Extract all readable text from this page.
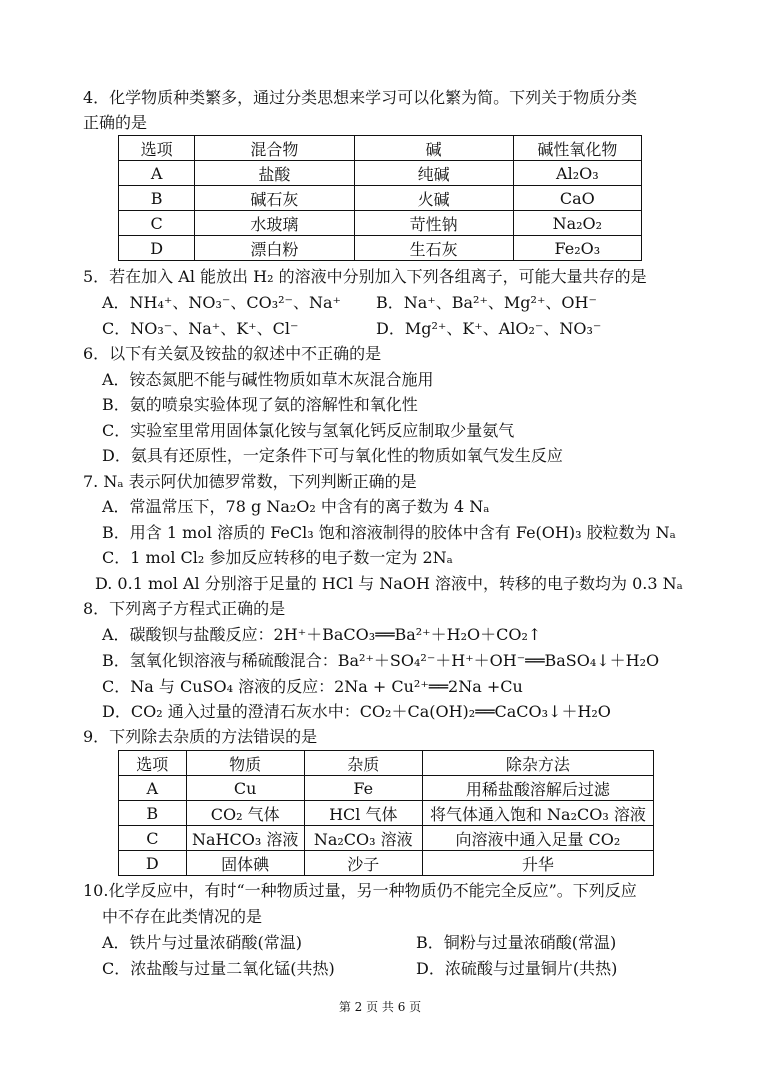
4．化学物质种类繁多，通过分类思想来学习可以化繁为简。下列关于物质分类
正确的是
选项	混合物	碱	碱性氧化物
A	盐酸	纯碱	Al₂O₃
B	碱石灰	火碱	CaO
C	水玻璃	苛性钠	Na₂O₂
D	漂白粉	生石灰	Fe₂O₃
5．若在加入 Al 能放出 H₂ 的溶液中分别加入下列各组离子，可能大量共存的是
A．NH₄⁺、NO₃⁻、CO₃²⁻、Na⁺ B．Na⁺、Ba²⁺、Mg²⁺、OH⁻
C．NO₃⁻、Na⁺、K⁺、Cl⁻	D．Mg²⁺、K⁺、AlO₂⁻、NO₃⁻
6．以下有关氨及铵盐的叙述中不正确的是
A．铵态氮肥不能与碱性物质如草木灰混合施用
B．氨的喷泉实验体现了氨的溶解性和氧化性
C．实验室里常用固体氯化铵与氢氧化钙反应制取少量氨气
D．氨具有还原性，一定条件下可与氧化性的物质如氧气发生反应
7. Nₐ 表示阿伏加德罗常数，下列判断正确的是
A．常温常压下，78 g Na₂O₂ 中含有的离子数为 4 Nₐ
B．用含 1 mol 溶质的 FeCl₃ 饱和溶液制得的胶体中含有 Fe(OH)₃ 胶粒数为 Nₐ
C．1 mol Cl₂ 参加反应转移的电子数一定为 2Nₐ
D. 0.1 mol Al 分别溶于足量的 HCl 与 NaOH 溶液中，转移的电子数均为 0.3 Nₐ
8．下列离子方程式正确的是
A．碳酸钡与盐酸反应：2H⁺＋BaCO₃══Ba²⁺＋H₂O＋CO₂↑
B．氢氧化钡溶液与稀硫酸混合：Ba²⁺＋SO₄²⁻＋H⁺＋OH⁻══BaSO₄↓＋H₂O
C．Na 与 CuSO₄ 溶液的反应：2Na + Cu²⁺══2Na +Cu
D．CO₂ 通入过量的澄清石灰水中：CO₂＋Ca(OH)₂══CaCO₃↓＋H₂O
9．下列除去杂质的方法错误的是
选项	物质	杂质	除杂方法
A	Cu	Fe	用稀盐酸溶解后过滤
B	CO₂ 气体	HCl 气体	将气体通入饱和 Na₂CO₃ 溶液
C	NaHCO₃ 溶液	Na₂CO₃ 溶液	向溶液中通入足量 CO₂
D	固体碘	沙子	升华
10.化学反应中，有时“一种物质过量，另一种物质仍不能完全反应”。下列反应
中不存在此类情况的是
A．铁片与过量浓硝酸(常温)	B．铜粉与过量浓硝酸(常温)
C．浓盐酸与过量二氧化锰(共热)	D．浓硫酸与过量铜片(共热)
第 2 页 共 6 页
